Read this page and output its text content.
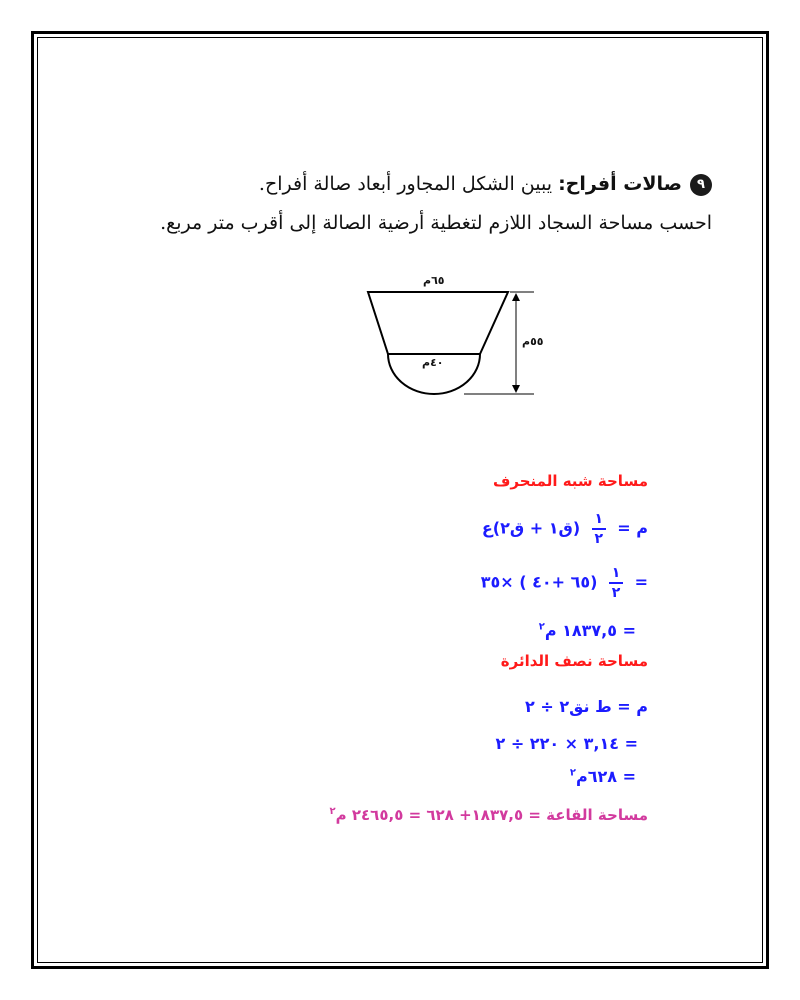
٩صالات أفراح: يبين الشكل المجاور أبعاد صالة أفراح.
احسب مساحة السجاد اللازم لتغطية أرضية الصالة إلى أقرب متر مربع.
٦٥م
٥٥م
٤٠م
مساحة شبه المنحرف
م =
$\frac{١}{٢}$
(ق١ + ق٢)ع
=
$\frac{١}{٢}$
(٦٥ +٤٠ ) ×٣٥
= ١٨٣٧,٥ م$^٢$
مساحة نصف الدائرة
م = ط نق٢ ÷ ٢
= ٣,١٤ × ٢٢٠ ÷ ٢
= ٦٢٨م$^٢$
مساحة القاعة = ١٨٣٧,٥+ ٦٢٨ = ٢٤٦٥,٥ م$^٢$
